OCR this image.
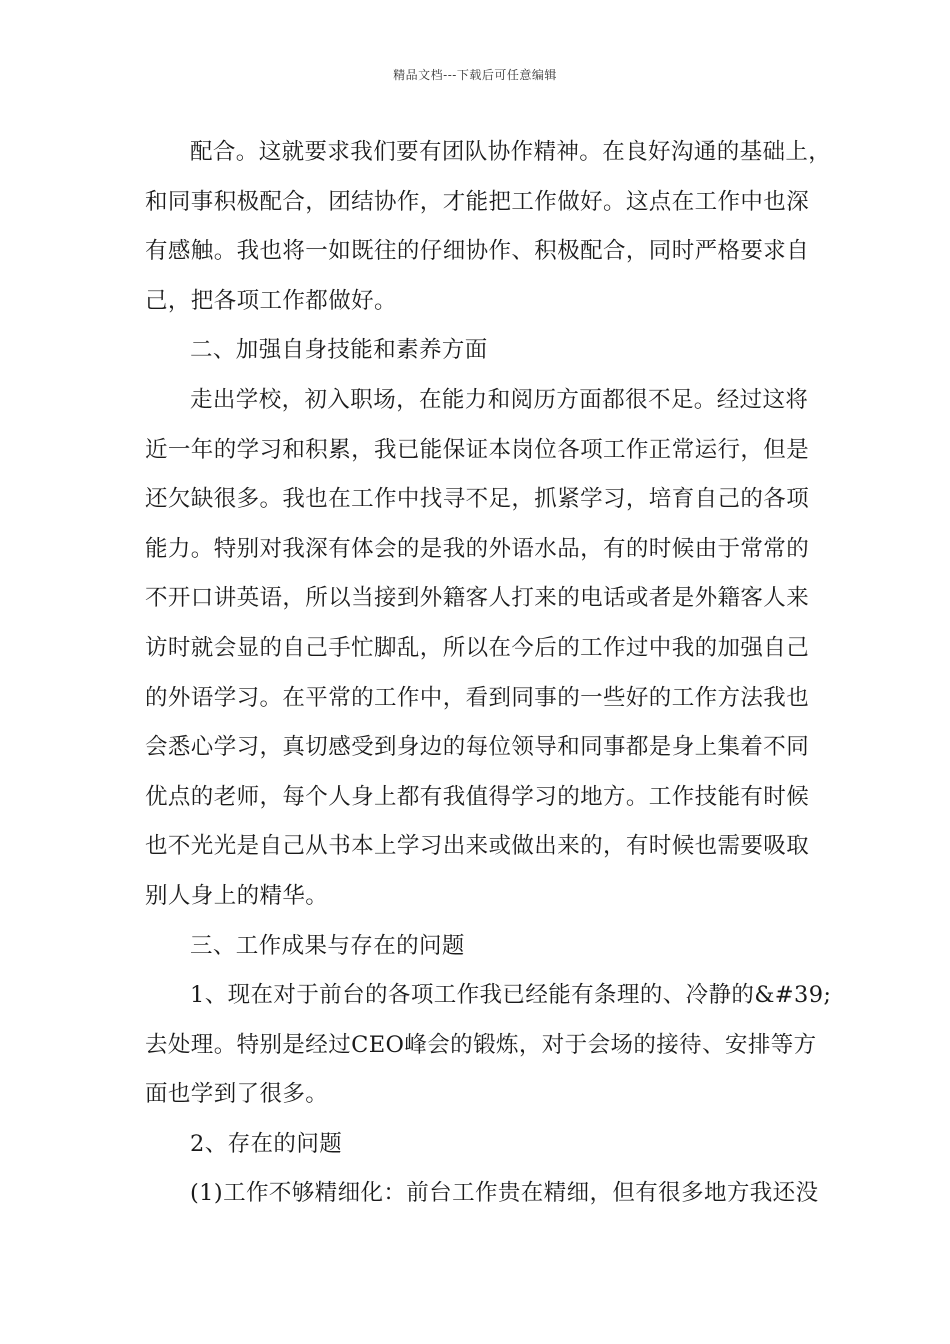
精品文档---下载后可任意编辑
配合。这就要求我们要有团队协作精神。在良好沟通的基础上，
和同事积极配合，团结协作，才能把工作做好。这点在工作中也深
有感触。我也将一如既往的仔细协作、积极配合，同时严格要求自
己，把各项工作都做好。
二、加强自身技能和素养方面
走出学校，初入职场，在能力和阅历方面都很不足。经过这将
近一年的学习和积累，我已能保证本岗位各项工作正常运行，但是
还欠缺很多。我也在工作中找寻不足，抓紧学习，培育自己的各项
能力。特别对我深有体会的是我的外语水品，有的时候由于常常的
不开口讲英语，所以当接到外籍客人打来的电话或者是外籍客人来
访时就会显的自己手忙脚乱，所以在今后的工作过中我的加强自己
的外语学习。在平常的工作中，看到同事的一些好的工作方法我也
会悉心学习，真切感受到身边的每位领导和同事都是身上集着不同
优点的老师，每个人身上都有我值得学习的地方。工作技能有时候
也不光光是自己从书本上学习出来或做出来的，有时候也需要吸取
别人身上的精华。
三、工作成果与存在的问题
1、现在对于前台的各项工作我已经能有条理的、冷静的&#39;
去处理。特别是经过CEO峰会的锻炼，对于会场的接待、安排等方
面也学到了很多。
2、存在的问题
(1)工作不够精细化：前台工作贵在精细，但有很多地方我还没
